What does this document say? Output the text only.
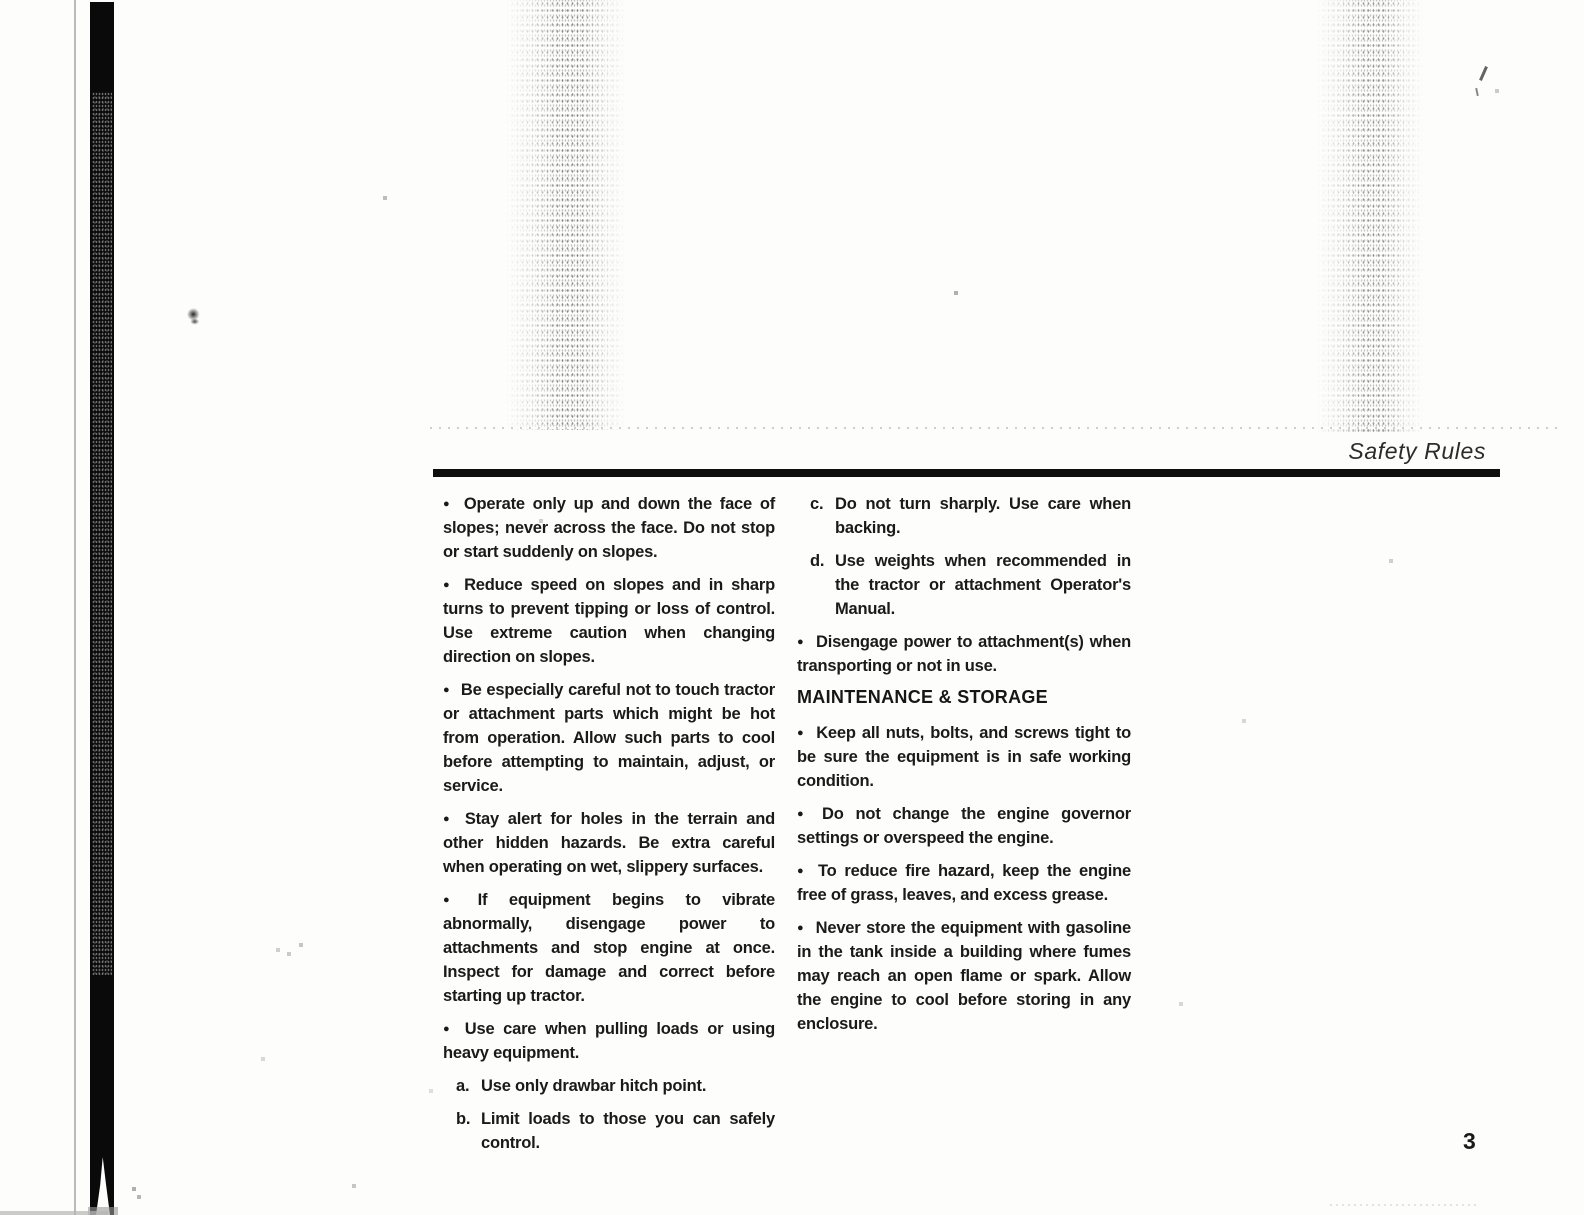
Safety Rules

● Operate only up and down the face of slopes; never across the face. Do not stop or start suddenly on slopes.

● Reduce speed on slopes and in sharp turns to prevent tipping or loss of control. Use extreme caution when changing direction on slopes.

● Be especially careful not to touch tractor or attachment parts which might be hot from operation. Allow such parts to cool before attempting to maintain, adjust, or service.

● Stay alert for holes in the terrain and other hidden hazards. Be extra careful when operating on wet, slippery surfaces.

● If equipment begins to vibrate abnormally, disengage power to attachments and stop engine at once. Inspect for damage and correct before starting up tractor.

● Use care when pulling loads or using heavy equipment.

a. Use only drawbar hitch point.

b. Limit loads to those you can safely control.

c. Do not turn sharply. Use care when backing.

d. Use weights when recommended in the tractor or attachment Operator's Manual.

● Disengage power to attachment(s) when transporting or not in use.

MAINTENANCE & STORAGE

● Keep all nuts, bolts, and screws tight to be sure the equipment is in safe working condition.

● Do not change the engine governor settings or overspeed the engine.

● To reduce fire hazard, keep the engine free of grass, leaves, and excess grease.

● Never store the equipment with gasoline in the tank inside a building where fumes may reach an open flame or spark. Allow the engine to cool before storing in any enclosure.

3
